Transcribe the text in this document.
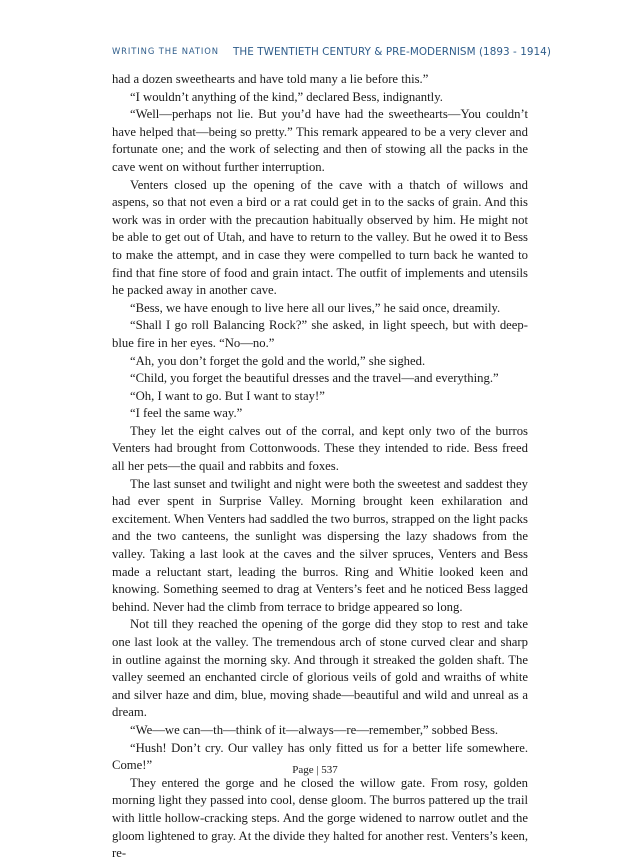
WRITING THE NATION THE TWENTIETH CENTURY & PRE-MODERNISM (1893 - 1914)

had a dozen sweethearts and have told many a lie before this.”

“I wouldn’t anything of the kind,” declared Bess, indignantly.

“Well—perhaps not lie. But you’d have had the sweethearts—You couldn’t have helped that—being so pretty.” This remark appeared to be a very clever and fortunate one; and the work of selecting and then of stowing all the packs in the cave went on without further interruption.

Venters closed up the opening of the cave with a thatch of willows and aspens, so that not even a bird or a rat could get in to the sacks of grain. And this work was in order with the precaution habitually observed by him. He might not be able to get out of Utah, and have to return to the valley. But he owed it to Bess to make the attempt, and in case they were compelled to turn back he wanted to find that fine store of food and grain intact. The outfit of implements and utensils he packed away in another cave.

“Bess, we have enough to live here all our lives,” he said once, dreamily.

“Shall I go roll Balancing Rock?” she asked, in light speech, but with deep-blue fire in her eyes. “No—no.”

“Ah, you don’t forget the gold and the world,” she sighed.

“Child, you forget the beautiful dresses and the travel—and everything.”

“Oh, I want to go. But I want to stay!”

“I feel the same way.”

They let the eight calves out of the corral, and kept only two of the burros Venters had brought from Cottonwoods. These they intended to ride. Bess freed all her pets—the quail and rabbits and foxes.

The last sunset and twilight and night were both the sweetest and saddest they had ever spent in Surprise Valley. Morning brought keen exhilaration and excitement. When Venters had saddled the two burros, strapped on the light packs and the two canteens, the sunlight was dispersing the lazy shadows from the valley. Taking a last look at the caves and the silver spruces, Venters and Bess made a reluctant start, leading the burros. Ring and Whitie looked keen and knowing. Something seemed to drag at Venters’s feet and he noticed Bess lagged behind. Never had the climb from terrace to bridge appeared so long.

Not till they reached the opening of the gorge did they stop to rest and take one last look at the valley. The tremendous arch of stone curved clear and sharp in outline against the morning sky. And through it streaked the golden shaft. The valley seemed an enchanted circle of glorious veils of gold and wraiths of white and silver haze and dim, blue, moving shade—beautiful and wild and unreal as a dream.

“We—we can—th—think of it—always—re—remember,” sobbed Bess.

“Hush! Don’t cry. Our valley has only fitted us for a better life somewhere. Come!”

They entered the gorge and he closed the willow gate. From rosy, golden morning light they passed into cool, dense gloom. The burros pattered up the trail with little hollow-cracking steps. And the gorge widened to narrow outlet and the gloom lightened to gray. At the divide they halted for another rest. Venters’s keen, re-

Page | 537
